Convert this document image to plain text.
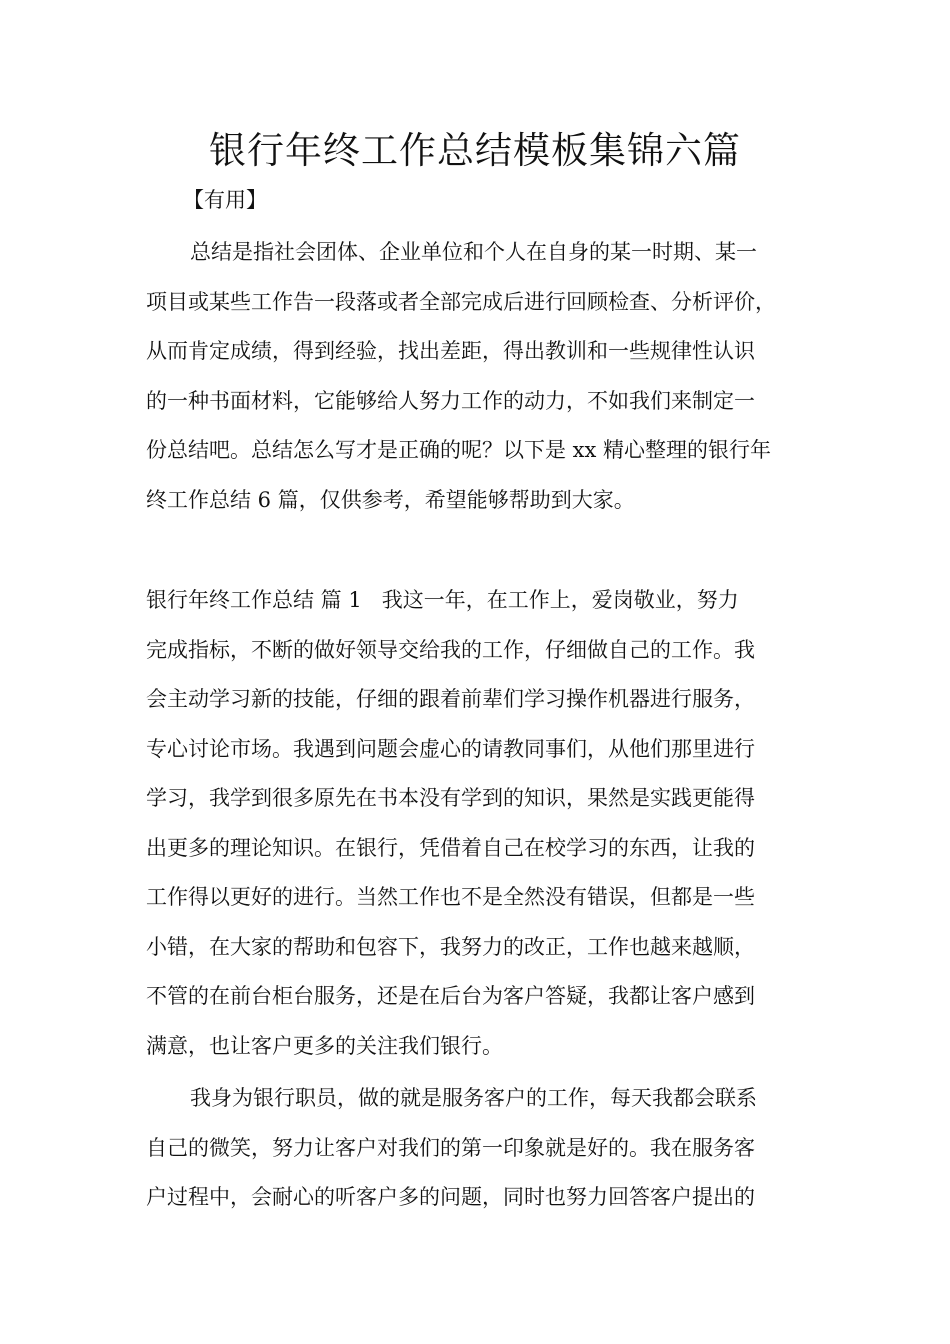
银行年终工作总结模板集锦六篇

【有用】

总结是指社会团体、企业单位和个人在自身的某一时期、某一
项目或某些工作告一段落或者全部完成后进行回顾检查、分析评价，
从而肯定成绩，得到经验，找出差距，得出教训和一些规律性认识
的一种书面材料，它能够给人努力工作的动力，不如我们来制定一
份总结吧。总结怎么写才是正确的呢？以下是 xx 精心整理的银行年
终工作总结 6 篇，仅供参考，希望能够帮助到大家。
银行年终工作总结 篇 1 我这一年，在工作上，爱岗敬业，努力
完成指标，不断的做好领导交给我的工作，仔细做自己的工作。我
会主动学习新的技能，仔细的跟着前辈们学习操作机器进行服务，
专心讨论市场。我遇到问题会虚心的请教同事们，从他们那里进行
学习，我学到很多原先在书本没有学到的知识，果然是实践更能得
出更多的理论知识。在银行，凭借着自己在校学习的东西，让我的
工作得以更好的进行。当然工作也不是全然没有错误，但都是一些
小错，在大家的帮助和包容下，我努力的改正，工作也越来越顺，
不管的在前台柜台服务，还是在后台为客户答疑，我都让客户感到
满意，也让客户更多的关注我们银行。
我身为银行职员，做的就是服务客户的工作，每天我都会联系
自己的微笑，努力让客户对我们的第一印象就是好的。我在服务客
户过程中，会耐心的听客户多的问题，同时也努力回答客户提出的
